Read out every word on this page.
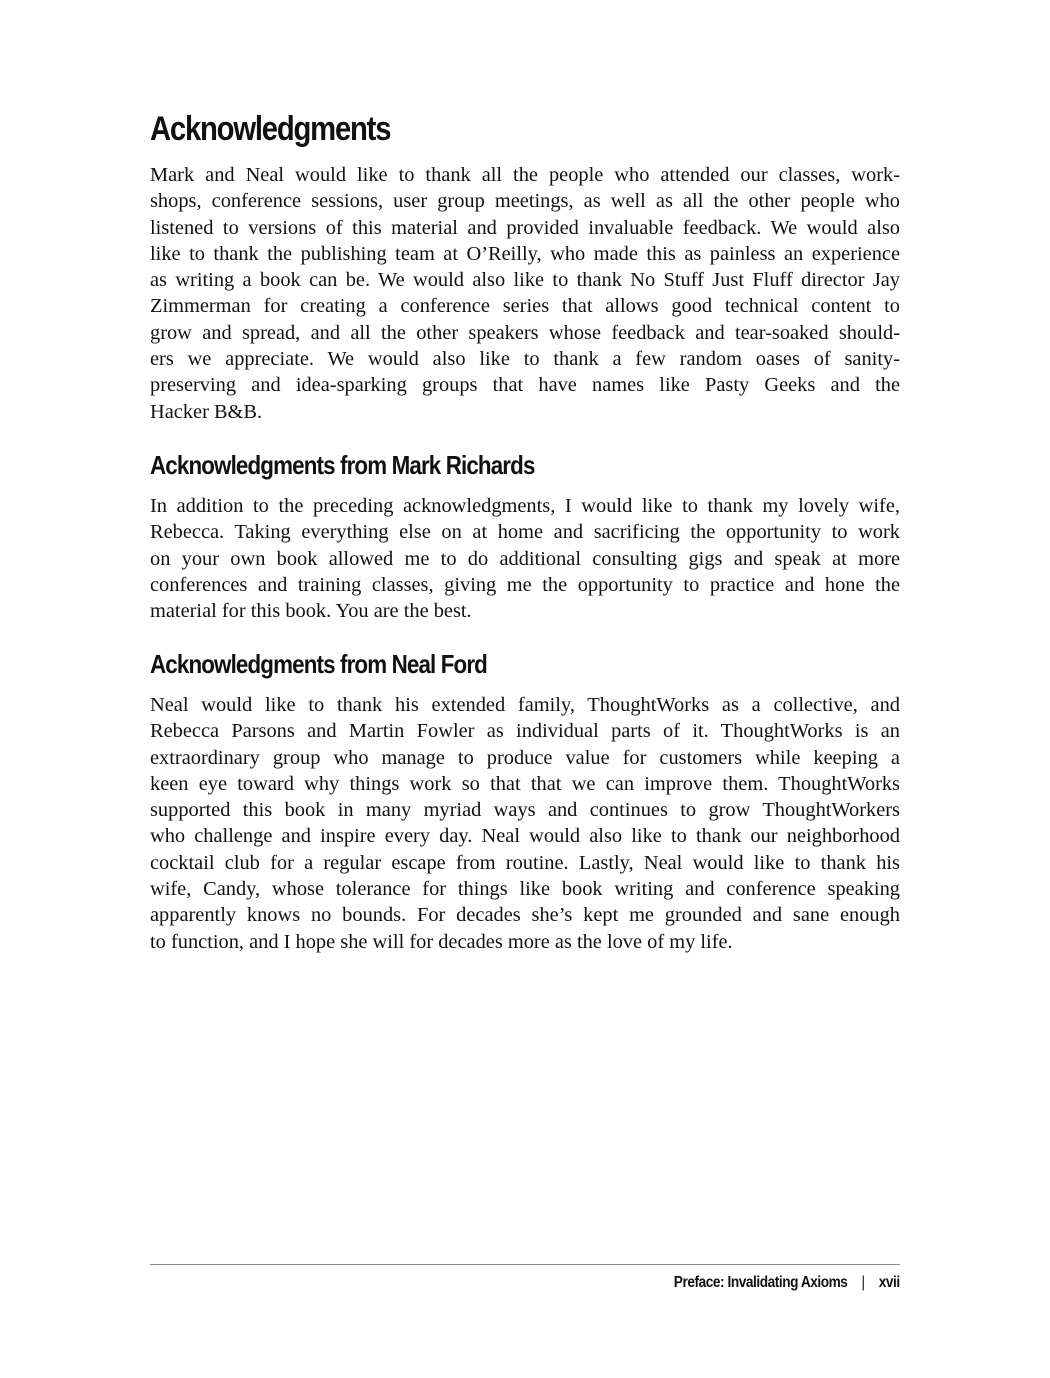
Acknowledgments

Mark and Neal would like to thank all the people who attended our classes, work-
shops, conference sessions, user group meetings, as well as all the other people who
listened to versions of this material and provided invaluable feedback. We would also
like to thank the publishing team at O’Reilly, who made this as painless an experience
as writing a book can be. We would also like to thank No Stuff Just Fluff director Jay
Zimmerman for creating a conference series that allows good technical content to
grow and spread, and all the other speakers whose feedback and tear-soaked should-
ers we appreciate. We would also like to thank a few random oases of sanity-
preserving and idea-sparking groups that have names like Pasty Geeks and the
Hacker B&B.

Acknowledgments from Mark Richards

In addition to the preceding acknowledgments, I would like to thank my lovely wife,
Rebecca. Taking everything else on at home and sacrificing the opportunity to work
on your own book allowed me to do additional consulting gigs and speak at more
conferences and training classes, giving me the opportunity to practice and hone the
material for this book. You are the best.

Acknowledgments from Neal Ford

Neal would like to thank his extended family, ThoughtWorks as a collective, and
Rebecca Parsons and Martin Fowler as individual parts of it. ThoughtWorks is an
extraordinary group who manage to produce value for customers while keeping a
keen eye toward why things work so that that we can improve them. ThoughtWorks
supported this book in many myriad ways and continues to grow ThoughtWorkers
who challenge and inspire every day. Neal would also like to thank our neighborhood
cocktail club for a regular escape from routine. Lastly, Neal would like to thank his
wife, Candy, whose tolerance for things like book writing and conference speaking
apparently knows no bounds. For decades she’s kept me grounded and sane enough
to function, and I hope she will for decades more as the love of my life.

Preface: Invalidating Axioms | xvii
